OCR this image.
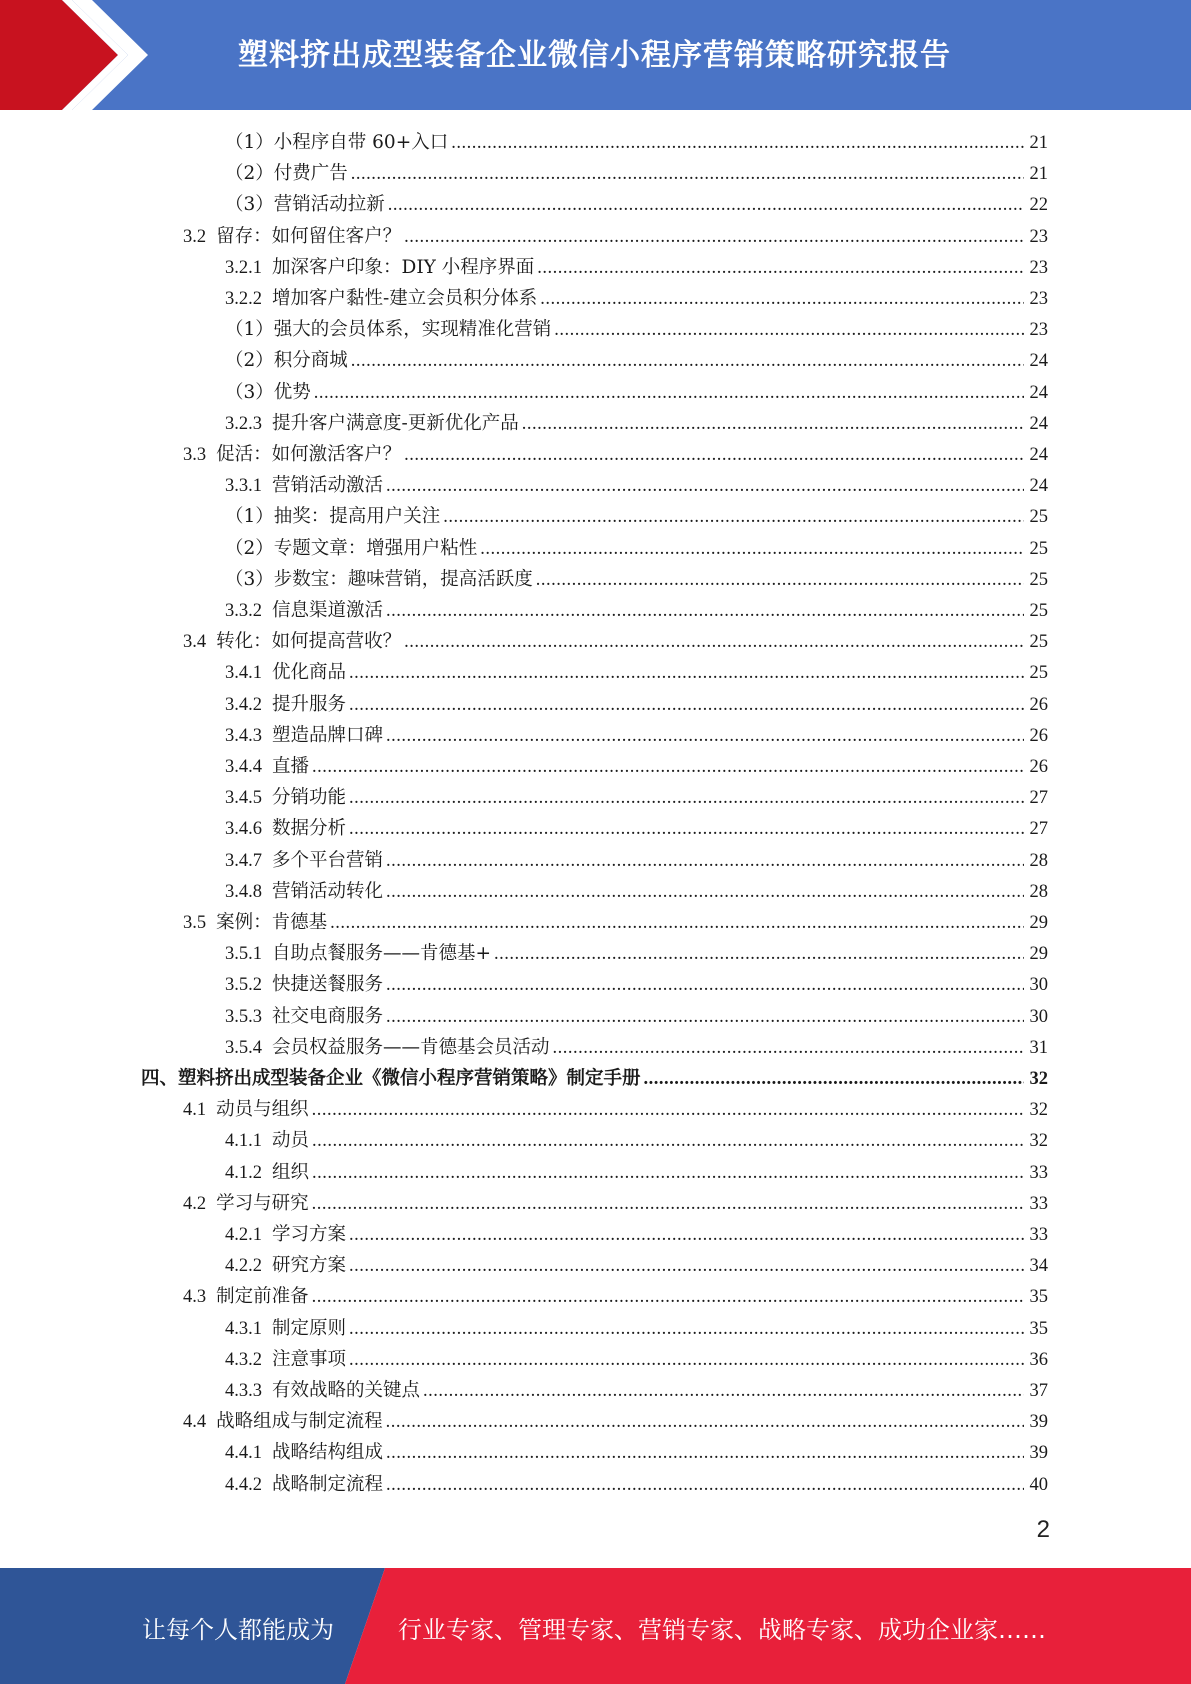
塑料挤出成型装备企业微信小程序营销策略研究报告
（1）小程序自带 60+入口 .....	21
（2）付费广告 .....	21
（3）营销活动拉新 .....	22
3.2 留存：如何留住客户？ .....	23
3.2.1 加深客户印象：DIY 小程序界面 .....	23
3.2.2 增加客户黏性-建立会员积分体系 .....	23
（1）强大的会员体系，实现精准化营销 .....	23
（2）积分商城 .....	24
（3）优势 .....	24
3.2.3 提升客户满意度-更新优化产品 .....	24
3.3 促活：如何激活客户？ .....	24
3.3.1 营销活动激活 .....	24
（1）抽奖：提高用户关注 .....	25
（2）专题文章：增强用户粘性 .....	25
（3）步数宝：趣味营销，提高活跃度 .....	25
3.3.2 信息渠道激活 .....	25
3.4 转化：如何提高营收？ .....	25
3.4.1 优化商品 .....	25
3.4.2 提升服务 .....	26
3.4.3 塑造品牌口碑 .....	26
3.4.4 直播 .....	26
3.4.5 分销功能 .....	27
3.4.6 数据分析 .....	27
3.4.7 多个平台营销 .....	28
3.4.8 营销活动转化 .....	28
3.5 案例：肯德基 .....	29
3.5.1 自助点餐服务——肯德基+ .....	29
3.5.2 快捷送餐服务 .....	30
3.5.3 社交电商服务 .....	30
3.5.4 会员权益服务——肯德基会员活动 .....	31
四、塑料挤出成型装备企业《微信小程序营销策略》制定手册 .....	32
4.1 动员与组织 .....	32
4.1.1 动员 .....	32
4.1.2 组织 .....	33
4.2 学习与研究 .....	33
4.2.1 学习方案 .....	33
4.2.2 研究方案 .....	34
4.3 制定前准备 .....	35
4.3.1 制定原则 .....	35
4.3.2 注意事项 .....	36
4.3.3 有效战略的关键点 .....	37
4.4 战略组成与制定流程 .....	39
4.4.1 战略结构组成 .....	39
4.4.2 战略制定流程 .....	40
2
让每个人都能成为	行业专家、管理专家、营销专家、战略专家、成功企业家……
